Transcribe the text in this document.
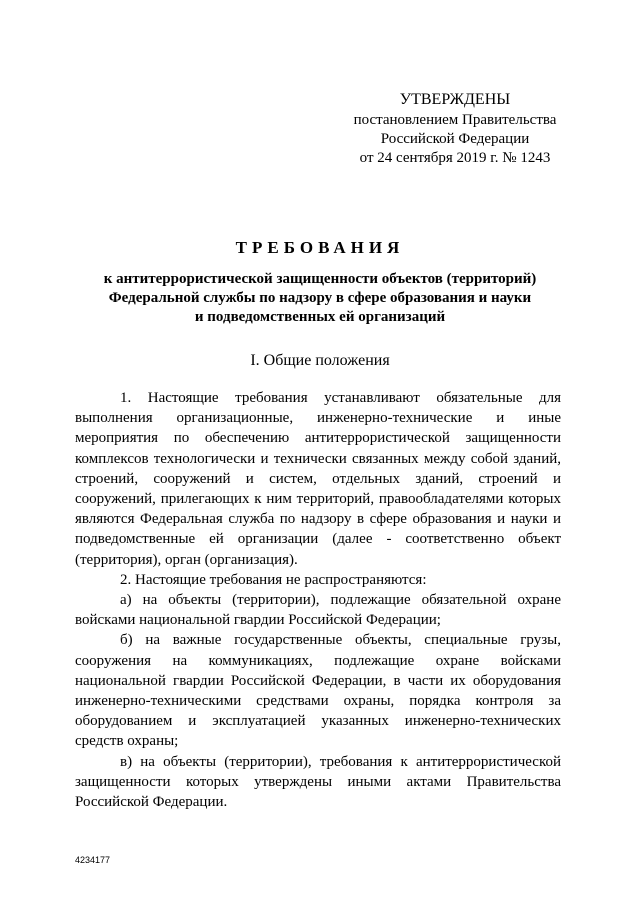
УТВЕРЖДЕНЫ
постановлением Правительства
Российской Федерации
от 24 сентября 2019 г. № 1243
ТРЕБОВАНИЯ
к антитеррористической защищенности объектов (территорий)
Федеральной службы по надзору в сфере образования и науки
и подведомственных ей организаций
I. Общие положения

1. Настоящие требования устанавливают обязательные для выполнения организационные, инженерно-технические и иные мероприятия по обеспечению антитеррористической защищенности комплексов технологически и технически связанных между собой зданий, строений, сооружений и систем, отдельных зданий, строений и сооружений, прилегающих к ним территорий, правообладателями которых являются Федеральная служба по надзору в сфере образования и науки и подведомственные ей организации (далее - соответственно объект (территория), орган (организация).

2. Настоящие требования не распространяются:

а) на объекты (территории), подлежащие обязательной охране войсками национальной гвардии Российской Федерации;

б) на важные государственные объекты, специальные грузы, сооружения на коммуникациях, подлежащие охране войсками национальной гвардии Российской Федерации, в части их оборудования инженерно-техническими средствами охраны, порядка контроля за оборудованием и эксплуатацией указанных инженерно-технических средств охраны;

в) на объекты (территории), требования к антитеррористической защищенности которых утверждены иными актами Правительства Российской Федерации.

4234177
